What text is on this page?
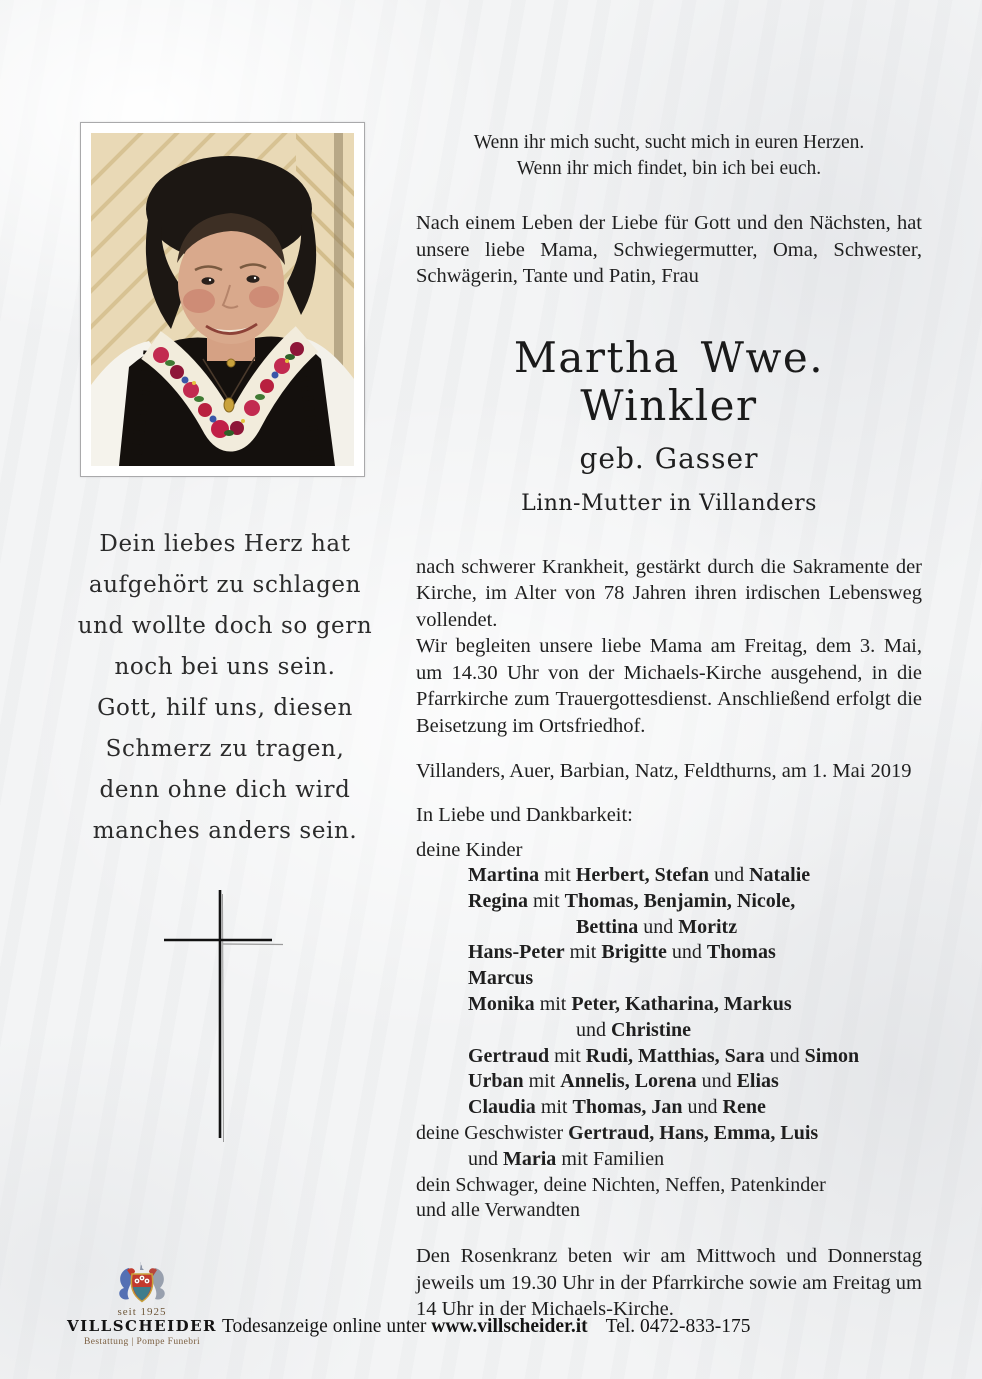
Dein liebes Herz hat
aufgehört zu schlagen
und wollte doch so gern
noch bei uns sein.
Gott, hilf uns, diesen
Schmerz zu tragen,
denn ohne dich wird
manches anders sein.
Wenn ihr mich sucht, sucht mich in euren Herzen.
Wenn ihr mich findet, bin ich bei euch.

Nach einem Leben der Liebe für Gott und den Nächsten, hat unsere liebe Mama, Schwiegermutter, Oma, Schwester, Schwägerin, Tante und Patin, Frau

Martha Wwe. Winkler
geb. Gasser
Linn-Mutter in Villanders

nach schwerer Krankheit, gestärkt durch die Sakramente der Kirche, im Alter von 78 Jahren ihren irdischen Lebensweg vollendet.

Wir begleiten unsere liebe Mama am Freitag, dem 3. Mai, um 14.30 Uhr von der Michaels-Kirche ausgehend, in die Pfarrkirche zum Trauergottesdienst. Anschließend erfolgt die Beisetzung im Ortsfriedhof.

Villanders, Auer, Barbian, Natz, Feldthurns, am 1. Mai 2019
In Liebe und Dankbarkeit:
deine Kinder
Martina mit Herbert, Stefan und Natalie
Regina mit Thomas, Benjamin, Nicole,
Bettina und Moritz
Hans-Peter mit Brigitte und Thomas
Marcus
Monika mit Peter, Katharina, Markus
und Christine
Gertraud mit Rudi, Matthias, Sara und Simon
Urban mit Annelis, Lorena und Elias
Claudia mit Thomas, Jan und Rene
deine Geschwister Gertraud, Hans, Emma, Luis
und Maria mit Familien
dein Schwager, deine Nichten, Neffen, Patenkinder
und alle Verwandten

Den Rosenkranz beten wir am Mittwoch und Donnerstag jeweils um 19.30 Uhr in der Pfarrkirche sowie am Freitag um 14 Uhr in der Michaels-Kirche.

seit 1925
VILLSCHEIDER
Bestattung | Pompe Funebri
Todesanzeige online unter www.villscheider.it Tel. 0472-833-175
